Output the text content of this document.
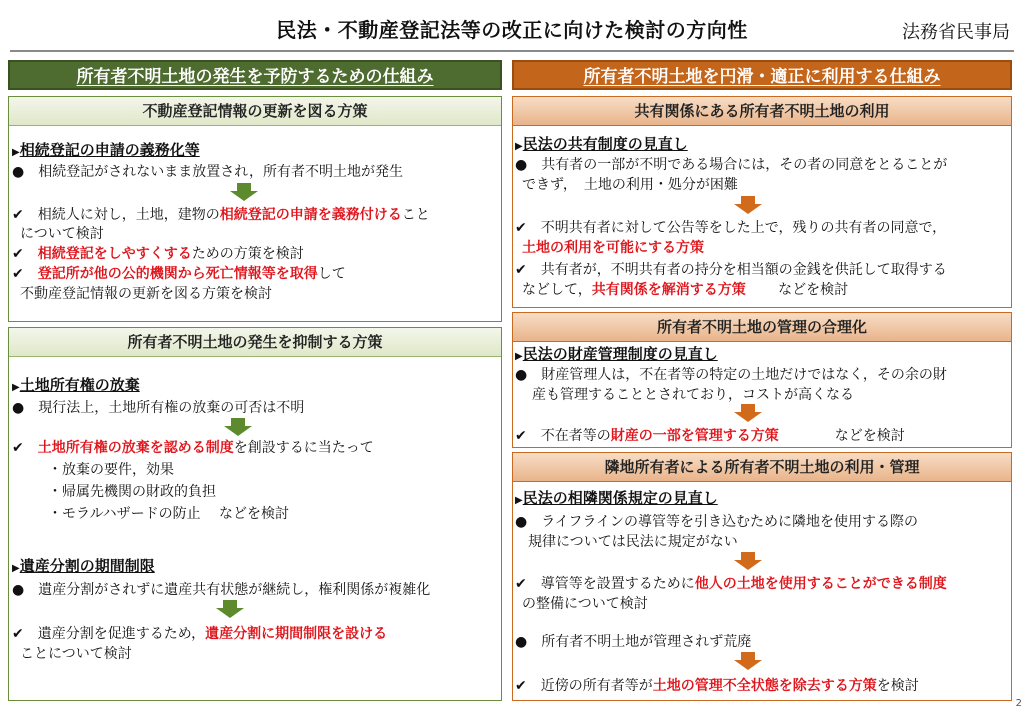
民法・不動産登記法等の改正に向けた検討の方向性	法務省民事局
所有者不明土地の発生を予防するための仕組み
不動産登記情報の更新を図る方策
▶相続登記の申請の義務化等
●　相続登記がされないまま放置され，所有者不明土地が発生
✔　相続人に対し，土地，建物の相続登記の申請を義務付けること
について検討
✔　相続登記をしやすくするための方策を検討
✔　登記所が他の公的機関から死亡情報等を取得して
不動産登記情報の更新を図る方策を検討
所有者不明土地の発生を抑制する方策
▶土地所有権の放棄
●　現行法上，土地所有権の放棄の可否は不明
✔　土地所有権の放棄を認める制度を創設するに当たって
・放棄の要件，効果
・帰属先機関の財政的負担
・モラルハザードの防止　 などを検討
▶遺産分割の期間制限
●　遺産分割がされずに遺産共有状態が継続し，権利関係が複雑化
✔　遺産分割を促進するため，遺産分割に期間制限を設ける
ことについて検討
所有者不明土地を円滑・適正に利用する仕組み
共有関係にある所有者不明土地の利用
▶民法の共有制度の見直し
●　共有者の一部が不明である場合には，その者の同意をとることが
できず，　土地の利用・処分が困難
✔　不明共有者に対して公告等をした上で，残りの共有者の同意で，
土地の利用を可能にする方策
✔　共有者が，不明共有者の持分を相当額の金銭を供託して取得する
などして，共有関係を解消する方策　　 などを検討
所有者不明土地の管理の合理化
▶民法の財産管理制度の見直し
●　財産管理人は，不在者等の特定の土地だけではなく，その余の財
産も管理することとされており，コストが高くなる
✔　不在者等の財産の一部を管理する方策　　　　などを検討
隣地所有者による所有者不明土地の利用・管理
▶民法の相隣関係規定の見直し
●　ライフラインの導管等を引き込むために隣地を使用する際の
規律については民法に規定がない
✔　導管等を設置するために他人の土地を使用することができる制度
の整備について検討
●　所有者不明土地が管理されず荒廃
✔　近傍の所有者等が土地の管理不全状態を除去する方策を検討
2
